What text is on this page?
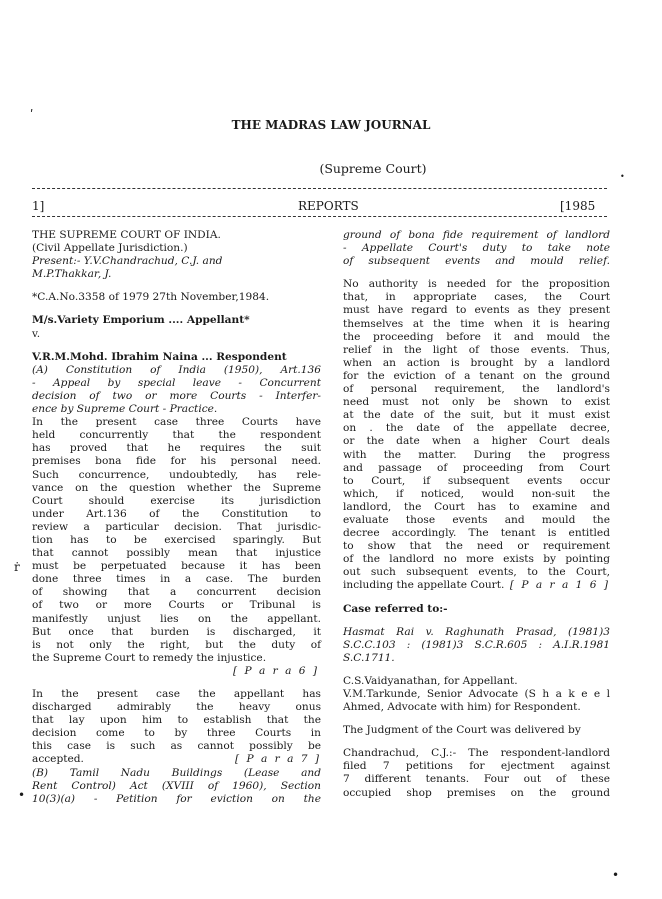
THE MADRAS LAW JOURNAL
(Supreme Court)
1]	REPORTS	[1985

THE SUPREME COURT OF INDIA.

(Civil Appellate Jurisdiction.)

Present:- Y.V.Chandrachud, C.J. and

M.P.Thakkar, J.

*C.A.No.3358 of 1979 27th November,1984.

M/s.Variety Emporium .... Appellant*

v.

V.R.M.Mohd. Ibrahim Naina ... Respondent

(A) Constitution of India (1950), Art.136

- Appeal by special leave - Concurrent

decision of two or more Courts - Interfer-

ence by Supreme Court - Practice.

In the present case three Courts have

held concurrently that the respondent

has proved that he requires the suit

premises bona fide for his personal need.

Such concurrence, undoubtedly, has rele-

vance on the question whether the Supreme

Court should exercise its jurisdiction

under Art.136 of the Constitution to

review a particular decision. That jurisdic-

tion has to be exercised sparingly. But

that cannot possibly mean that injustice

must be perpetuated because it has been

done three times in a case. The burden

of showing that a concurrent decision

of two or more Courts or Tribunal is

manifestly unjust lies on the appellant.

But once that burden is discharged, it

is not only the right, but the duty of

the Supreme Court to remedy the injustice.

[ P a r a 6 ]

In the present case the appellant has

discharged admirably the heavy onus

that lay upon him to establish that the

decision come to by three Courts in

this case is such as cannot possibly be

accepted.	[ P a r a 7 ]

(B) Tamil Nadu Buildings (Lease and

Rent Control) Act (XVIII of 1960), Section

10(3)(a) - Petition for eviction on the

ground of bona fide requirement of landlord

- Appellate Court's duty to take note

of subsequent events and mould relief.

No authority is needed for the proposition

that, in appropriate cases, the Court

must have regard to events as they present

themselves at the time when it is hearing

the proceeding before it and mould the

relief in the light of those events. Thus,

when an action is brought by a landlord

for the eviction of a tenant on the ground

of personal requirement, the landlord's

need must not only be shown to exist

at the date of the suit, but it must exist

on . the date of the appellate decree,

or the date when a higher Court deals

with the matter. During the progress

and passage of proceeding from Court

to Court, if subsequent events occur

which, if noticed, would non-suit the

landlord, the Court has to examine and

evaluate those events and mould the

decree accordingly. The tenant is entitled

to show that the need or requirement

of the landlord no more exists by pointing

out such subsequent events, to the Court,

including the appellate Court. [ P a r a 1 6 ]

Case referred to:-

Hasmat Rai v. Raghunath Prasad, (1981)3

S.C.C.103 : (1981)3 S.C.R.605 : A.I.R.1981

S.C.1711.

C.S.Vaidyanathan, for Appellant.

V.M.Tarkunde, Senior Advocate (S h a k e e l

Ahmed, Advocate with him) for Respondent.

The Judgment of the Court was delivered by

Chandrachud, C.J.:- The respondent-landlord

filed 7 petitions for ejectment against

7 different tenants. Four out of these

occupied shop premises on the ground

ʹ
•
ṙ
•
•
